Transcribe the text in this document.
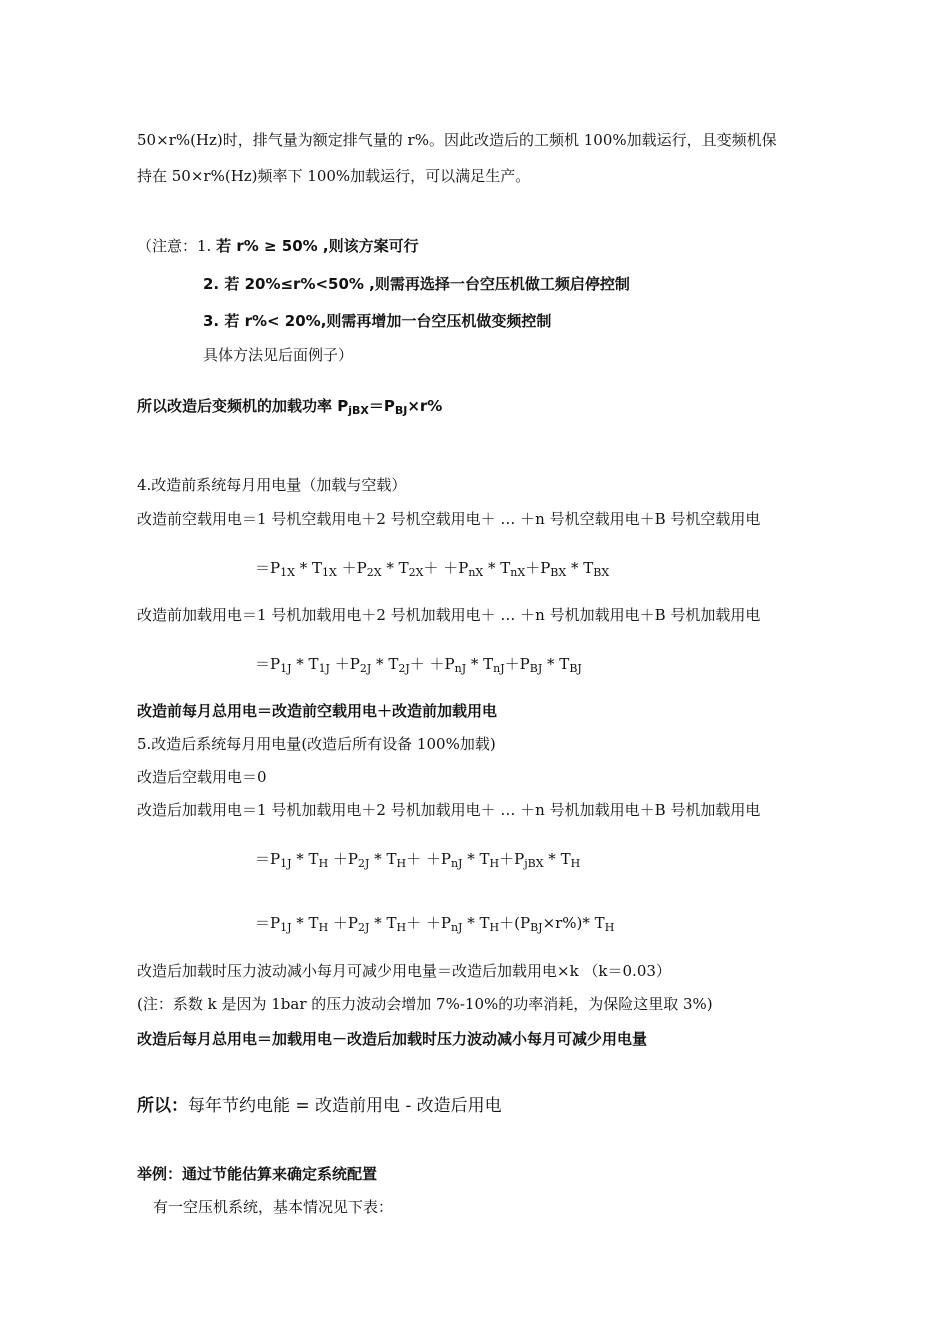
50×r%(Hz)时，排气量为额定排气量的 r%。因此改造后的工频机 100%加载运行，且变频机保
持在 50×r%(Hz)频率下 100%加载运行，可以满足生产。
（注意：1. 若 r% ≥ 50% ,则该方案可行
2. 若 20%≤r%<50% ,则需再选择一台空压机做工频启停控制
3. 若 r%< 20%,则需再增加一台空压机做变频控制
具体方法见后面例子）
所以改造后变频机的加载功率 $P_{jBX}=P_{BJ}\times r\%$
4.改造前系统每月用电量（加载与空载）
改造前空载用电＝1 号机空载用电＋2 号机空载用电＋ … ＋n 号机空载用电＋B 号机空载用电
$=P_{1X} * T_{1X} +P_{2X} * T_{2X}+ +P_{nX} * T_{nX}+P_{BX} * T_{BX}$
改造前加载用电＝1 号机加载用电＋2 号机加载用电＋ … ＋n 号机加载用电＋B 号机加载用电
$=P_{1J} * T_{1J} +P_{2J} * T_{2J}+ +P_{nJ} * T_{nJ}+P_{BJ} * T_{BJ}$
改造前每月总用电＝改造前空载用电＋改造前加载用电
5.改造后系统每月用电量(改造后所有设备 100%加载)
改造后空载用电＝0
改造后加载用电＝1 号机加载用电＋2 号机加载用电＋ … ＋n 号机加载用电＋B 号机加载用电
$=P_{1J} * T_H +P_{2J} * T_H+ +P_{nJ} * T_H+P_{jBX} * T_H$
$=P_{1J} * T_H +P_{2J} * T_H+ +P_{nJ} * T_H+(P_{BJ}\times r\%)*$ $T_H$
改造后加载时压力波动减小每月可减少用电量＝改造后加载用电×k （k＝0.03）
(注：系数 k 是因为 1bar 的压力波动会增加 7%-10%的功率消耗，为保险这里取 3%)
改造后每月总用电＝加载用电－改造后加载时压力波动减小每月可减少用电量
所以：每年节约电能 = 改造前用电 - 改造后用电
举例：通过节能估算来确定系统配置
有一空压机系统，基本情况见下表：
